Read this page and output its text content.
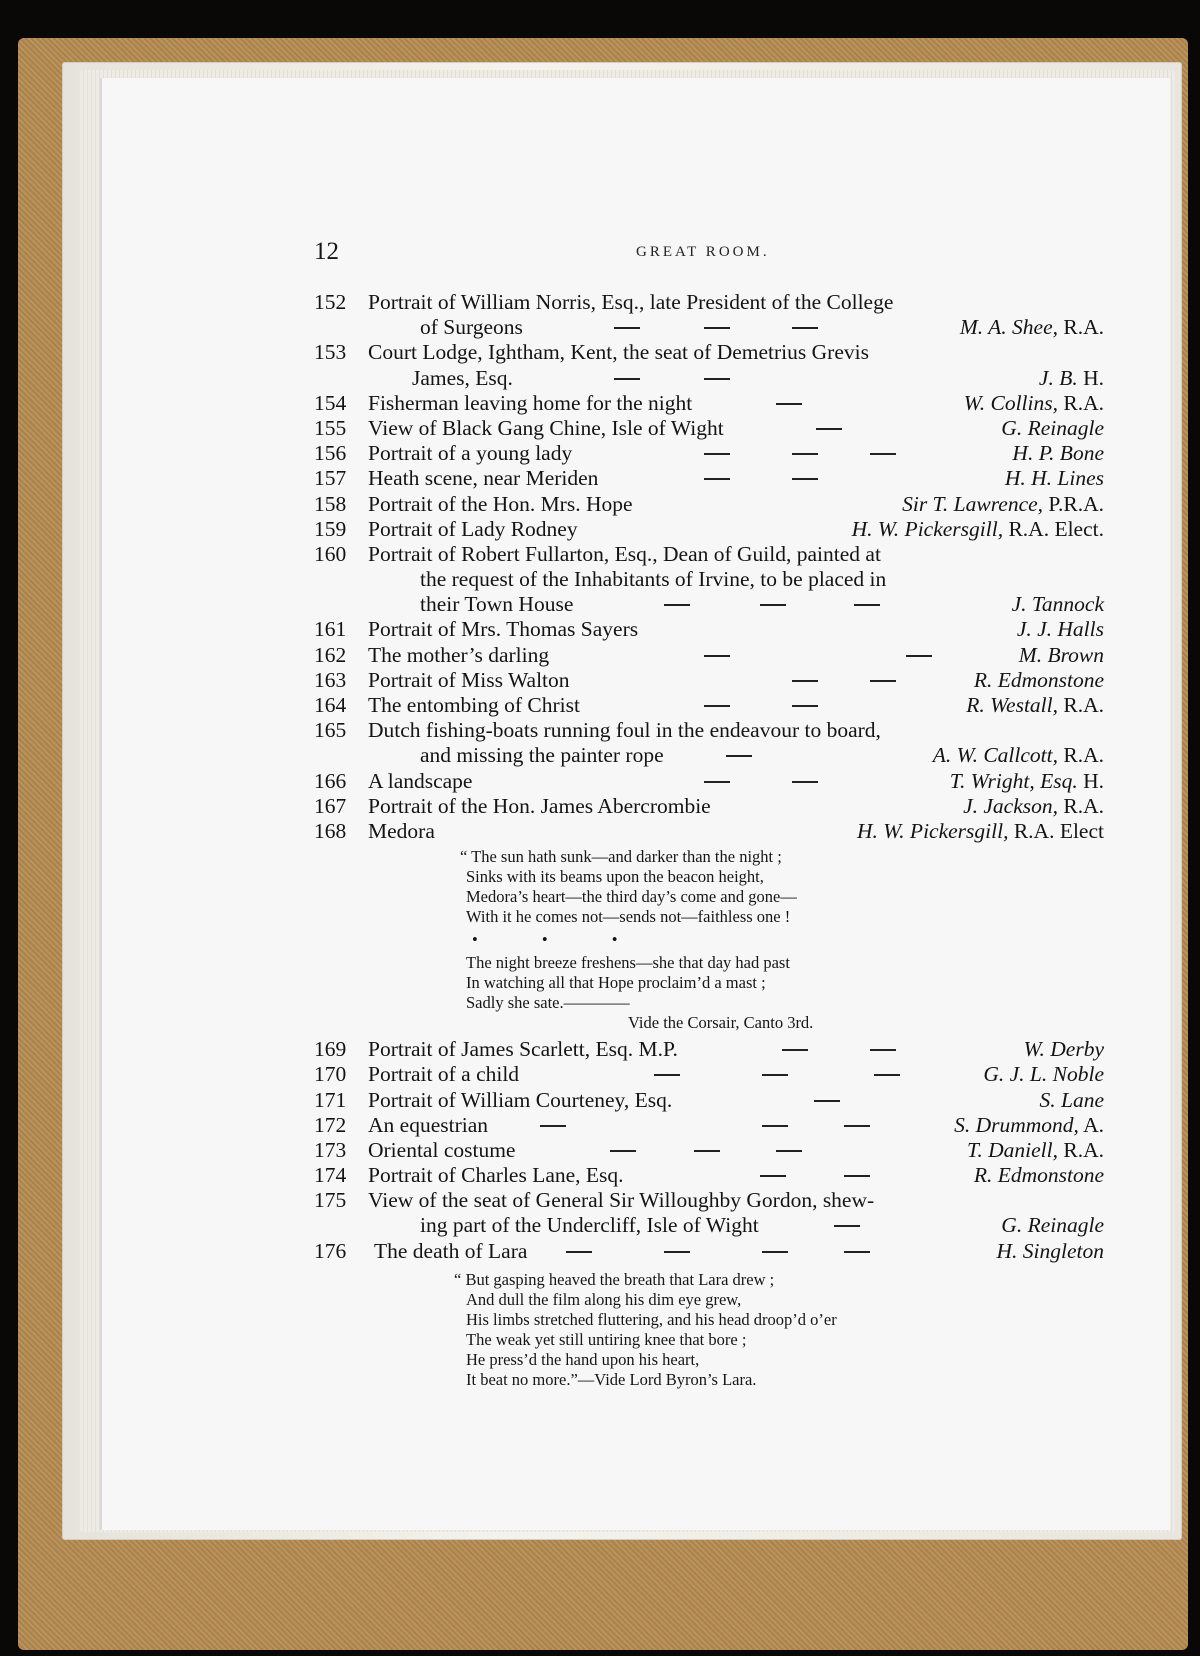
12	GREAT ROOM.
152	Portrait of William Norris, Esq., late President of the College
of Surgeons	M. A. Shee, R.A.
153	Court Lodge, Ightham, Kent, the seat of Demetrius Grevis
James, Esq.	J. B. H.
154	Fisherman leaving home for the night	W. Collins, R.A.
155	View of Black Gang Chine, Isle of Wight	G. Reinagle
156	Portrait of a young lady	H. P. Bone
157	Heath scene, near Meriden	H. H. Lines
158	Portrait of the Hon. Mrs. Hope	Sir T. Lawrence, P.R.A.
159	Portrait of Lady Rodney	H. W. Pickersgill, R.A. Elect.
160	Portrait of Robert Fullarton, Esq., Dean of Guild, painted at
the request of the Inhabitants of Irvine, to be placed in
their Town House	J. Tannock
161	Portrait of Mrs. Thomas Sayers	J. J. Halls
162	The mother’s darling	M. Brown
163	Portrait of Miss Walton	R. Edmonstone
164	The entombing of Christ	R. Westall, R.A.
165	Dutch fishing-boats running foul in the endeavour to board,
and missing the painter rope	A. W. Callcott, R.A.
166	A landscape	T. Wright, Esq. H.
167	Portrait of the Hon. James Abercrombie	J. Jackson, R.A.
168	Medora	H. W. Pickersgill, R.A. Elect
“ The sun hath sunk—and darker than the night ;
Sinks with its beams upon the beacon height,
Medora’s heart—the third day’s come and gone—
With it he comes not—sends not—faithless one !
• • •
The night breeze freshens—she that day had past
In watching all that Hope proclaim’d a mast ;
Sadly she sate.————
Vide the Corsair, Canto 3rd.
169	Portrait of James Scarlett, Esq. M.P.	W. Derby
170	Portrait of a child	G. J. L. Noble
171	Portrait of William Courteney, Esq.	S. Lane
172	An equestrian	S. Drummond, A.
173	Oriental costume	T. Daniell, R.A.
174	Portrait of Charles Lane, Esq.	R. Edmonstone
175	View of the seat of General Sir Willoughby Gordon, shew-
ing part of the Undercliff, Isle of Wight	G. Reinagle
176	The death of Lara	H. Singleton
“ But gasping heaved the breath that Lara drew ;
And dull the film along his dim eye grew,
His limbs stretched fluttering, and his head droop’d o’er
The weak yet still untiring knee that bore ;
He press’d the hand upon his heart,
It beat no more.”—Vide Lord Byron’s Lara.
